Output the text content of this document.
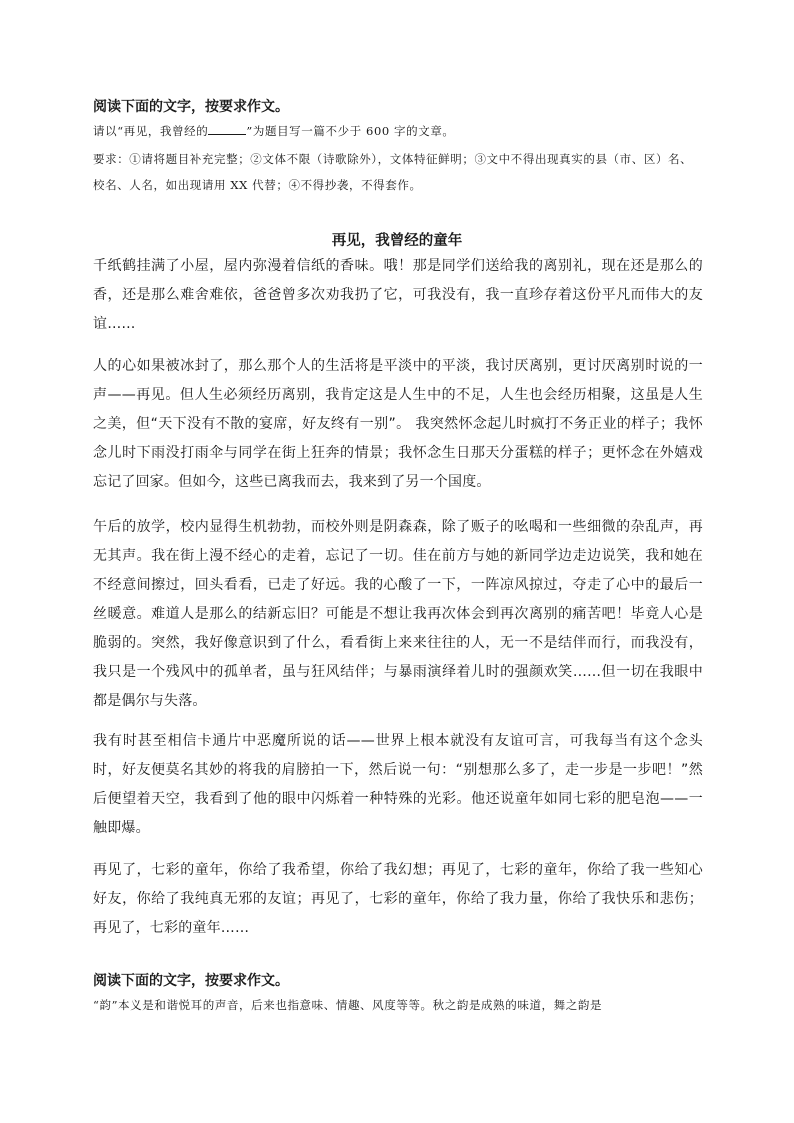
阅读下面的文字，按要求作文。
请以“再见，我曾经的	”为题目写一篇不少于 600 字的文章。
要求：①请将题目补充完整；②文体不限（诗歌除外），文体特征鲜明；③文中不得出现真实的县（市、区）名、校名、人名，如出现请用 XX 代替；④不得抄袭，不得套作。
再见，我曾经的童年
千纸鹤挂满了小屋，屋内弥漫着信纸的香味。哦！那是同学们送给我的离别礼，现在还是那么的香，还是那么难舍难依，爸爸曾多次劝我扔了它，可我没有，我一直珍存着这份平凡而伟大的友谊……
人的心如果被冰封了，那么那个人的生活将是平淡中的平淡，我讨厌离别，更讨厌离别时说的一声——再见。但人生必须经历离别，我肯定这是人生中的不足，人生也会经历相聚，这虽是人生之美，但“天下没有不散的宴席，好友终有一别”。 我突然怀念起儿时疯打不务正业的样子；我怀念儿时下雨没打雨伞与同学在街上狂奔的情景；我怀念生日那天分蛋糕的样子；更怀念在外嬉戏忘记了回家。但如今，这些已离我而去，我来到了另一个国度。
午后的放学，校内显得生机勃勃，而校外则是阴森森，除了贩子的吆喝和一些细微的杂乱声，再无其声。我在街上漫不经心的走着，忘记了一切。佳在前方与她的新同学边走边说笑，我和她在不经意间擦过，回头看看，已走了好远。我的心酸了一下，一阵凉风掠过，夺走了心中的最后一丝暖意。难道人是那么的结新忘旧？可能是不想让我再次体会到再次离别的痛苦吧！毕竟人心是脆弱的。突然，我好像意识到了什么，看看街上来来往往的人，无一不是结伴而行，而我没有，我只是一个残风中的孤单者，虽与狂风结伴；与暴雨演绎着儿时的强颜欢笑……但一切在我眼中都是偶尔与失落。
我有时甚至相信卡通片中恶魔所说的话——世界上根本就没有友谊可言，可我每当有这个念头时，好友便莫名其妙的将我的肩膀拍一下，然后说一句：“别想那么多了，走一步是一步吧！”然后便望着天空，我看到了他的眼中闪烁着一种特殊的光彩。他还说童年如同七彩的肥皂泡——一触即爆。
再见了，七彩的童年，你给了我希望，你给了我幻想；再见了，七彩的童年，你给了我一些知心好友，你给了我纯真无邪的友谊；再见了，七彩的童年，你给了我力量，你给了我快乐和悲伤；再见了，七彩的童年……
阅读下面的文字，按要求作文。
“韵”本义是和谐悦耳的声音，后来也指意味、情趣、风度等等。秋之韵是成熟的味道，舞之韵是
